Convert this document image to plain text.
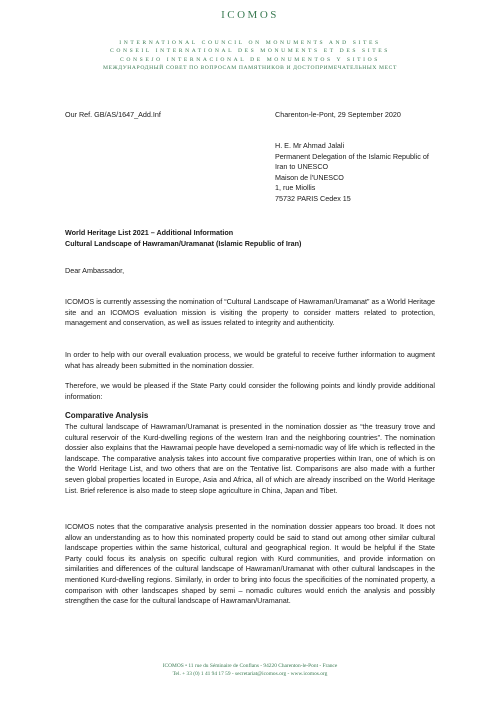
ICOMOS
INTERNATIONAL COUNCIL ON MONUMENTS AND SITES
CONSEIL INTERNATIONAL DES MONUMENTS ET DES SITES
CONSEJO INTERNACIONAL DE MONUMENTOS Y SITIOS
МЕЖДУНАРОДНЫЙ СОВЕТ ПО ВОПРОСАМ ПАМЯТНИКОВ И ДОСТОПРИМЕЧАТЕЛЬНЫХ МЕСТ
Our Ref. GB/AS/1647_Add.Inf	Charenton-le-Pont, 29 September 2020
H. E. Mr Ahmad Jalali
Permanent Delegation of the Islamic Republic of
Iran to UNESCO
Maison de l'UNESCO
1, rue Miollis
75732 PARIS Cedex 15
World Heritage List 2021 – Additional Information
Cultural Landscape of Hawraman/Uramanat (Islamic Republic of Iran)
Dear Ambassador,
ICOMOS is currently assessing the nomination of “Cultural Landscape of Hawraman/Uramanat” as a World Heritage site and an ICOMOS evaluation mission is visiting the property to consider matters related to protection, management and conservation, as well as issues related to integrity and authenticity.
In order to help with our overall evaluation process, we would be grateful to receive further information to augment what has already been submitted in the nomination dossier.
Therefore, we would be pleased if the State Party could consider the following points and kindly provide additional information:
Comparative Analysis
The cultural landscape of Hawraman/Uramanat is presented in the nomination dossier as “the treasury trove and cultural reservoir of the Kurd-dwelling regions of the western Iran and the neighboring countries”. The nomination dossier also explains that the Hawramai people have developed a semi-nomadic way of life which is reflected in the landscape. The comparative analysis takes into account five comparative properties within Iran, one of which is on the World Heritage List, and two others that are on the Tentative list. Comparisons are also made with a further seven global properties located in Europe, Asia and Africa, all of which are already inscribed on the World Heritage List. Brief reference is also made to steep slope agriculture in China, Japan and Tibet.
ICOMOS notes that the comparative analysis presented in the nomination dossier appears too broad. It does not allow an understanding as to how this nominated property could be said to stand out among other similar cultural landscape properties within the same historical, cultural and geographical region. It would be helpful if the State Party could focus its analysis on specific cultural region with Kurd communities, and provide information on similarities and differences of the cultural landscape of Hawraman/Uramanat with other cultural landscapes in the mentioned Kurd-dwelling regions. Similarly, in order to bring into focus the specificities of the nominated property, a comparison with other landscapes shaped by semi – nomadic cultures would enrich the analysis and possibly strengthen the case for the cultural landscape of Hawraman/Uramanat.
ICOMOS • 11 rue du Séminaire de Conflans - 94220 Charenton-le-Pont - France
Tel. + 33 (0) 1 41 94 17 59 - secretariat@icomos.org - www.icomos.org
